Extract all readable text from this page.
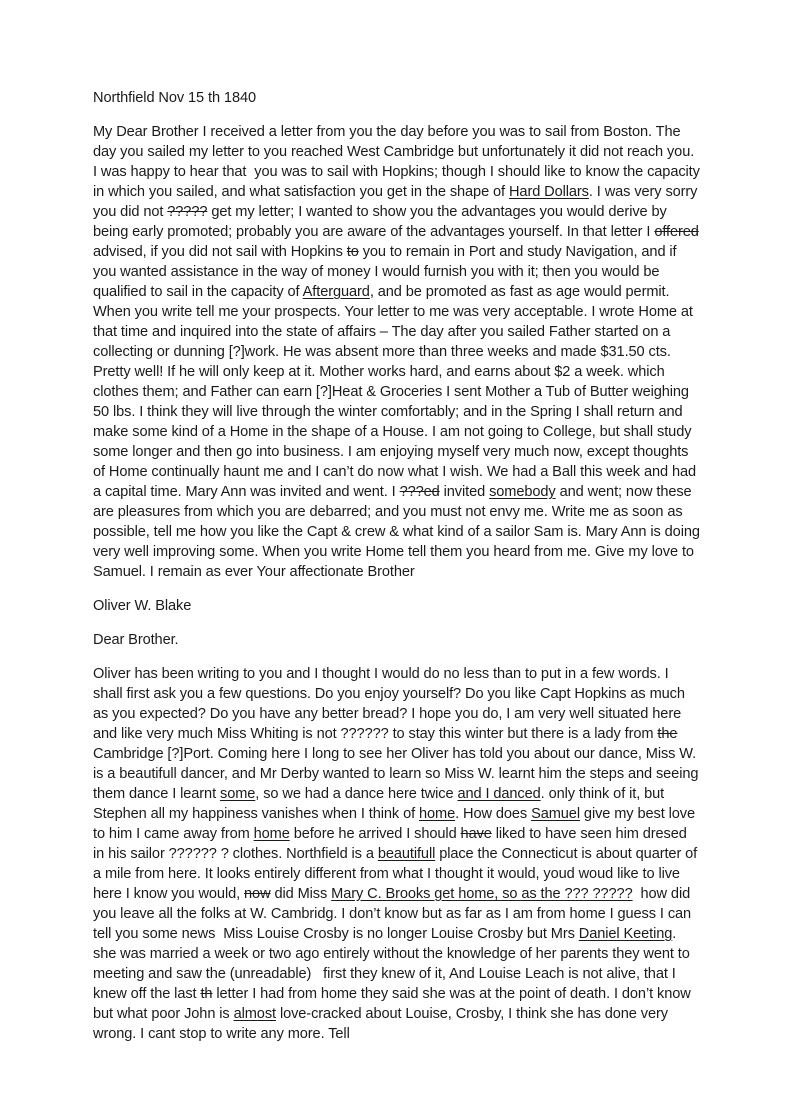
Northfield Nov 15 th 1840

My Dear Brother I received a letter from you the day before you was to sail from Boston. The day you sailed my letter to you reached West Cambridge but unfortunately it did not reach you. I was happy to hear that  you was to sail with Hopkins; though I should like to know the capacity in which you sailed, and what satisfaction you get in the shape of Hard Dollars. I was very sorry you did not ????? get my letter; I wanted to show you the advantages you would derive by being early promoted; probably you are aware of the advantages yourself. In that letter I offered advised, if you did not sail with Hopkins to you to remain in Port and study Navigation, and if you wanted assistance in the way of money I would furnish you with it; then you would be qualified to sail in the capacity of Afterguard, and be promoted as fast as age would permit. When you write tell me your prospects. Your letter to me was very acceptable. I wrote Home at that time and inquired into the state of affairs – The day after you sailed Father started on a collecting or dunning [?]work. He was absent more than three weeks and made $31.50 cts. Pretty well! If he will only keep at it. Mother works hard, and earns about $2 a week. which clothes them; and Father can earn [?]Heat & Groceries I sent Mother a Tub of Butter weighing 50 lbs. I think they will live through the winter comfortably; and in the Spring I shall return and make some kind of a Home in the shape of a House. I am not going to College, but shall study some longer and then go into business. I am enjoying myself very much now, except thoughts of Home continually haunt me and I can’t do now what I wish. We had a Ball this week and had a capital time. Mary Ann was invited and went. I ???ed invited somebody and went; now these are pleasures from which you are debarred; and you must not envy me. Write me as soon as possible, tell me how you like the Capt & crew & what kind of a sailor Sam is. Mary Ann is doing very well improving some. When you write Home tell them you heard from me. Give my love to Samuel. I remain as ever Your affectionate Brother

Oliver W. Blake

Dear Brother.

Oliver has been writing to you and I thought I would do no less than to put in a few words. I shall first ask you a few questions. Do you enjoy yourself? Do you like Capt Hopkins as much as you expected? Do you have any better bread? I hope you do, I am very well situated here and like very much Miss Whiting is not ?????? to stay this winter but there is a lady from the Cambridge [?]Port. Coming here I long to see her Oliver has told you about our dance, Miss W. is a beautifull dancer, and Mr Derby wanted to learn so Miss W. learnt him the steps and seeing them dance I learnt some, so we had a dance here twice and I danced. only think of it, but Stephen all my happiness vanishes when I think of home. How does Samuel give my best love to him I came away from home before he arrived I should have liked to have seen him dresed in his sailor ?????? ? clothes. Northfield is a beautifull place the Connecticut is about quarter of a mile from here. It looks entirely different from what I thought it would, youd woud like to live here I know you would, now did Miss Mary C. Brooks get home, so as the ??? ?????  how did you leave all the folks at W. Cambridg. I don’t know but as far as I am from home I guess I can tell you some news  Miss Louise Crosby is no longer Louise Crosby but Mrs Daniel Keeting. she was married a week or two ago entirely without the knowledge of her parents they went to meeting and saw the (unreadable)   first they knew of it, And Louise Leach is not alive, that I knew off the last th letter I had from home they said she was at the point of death. I don’t know but what poor John is almost love-cracked about Louise, Crosby, I think she has done very wrong. I cant stop to write any more. Tell
